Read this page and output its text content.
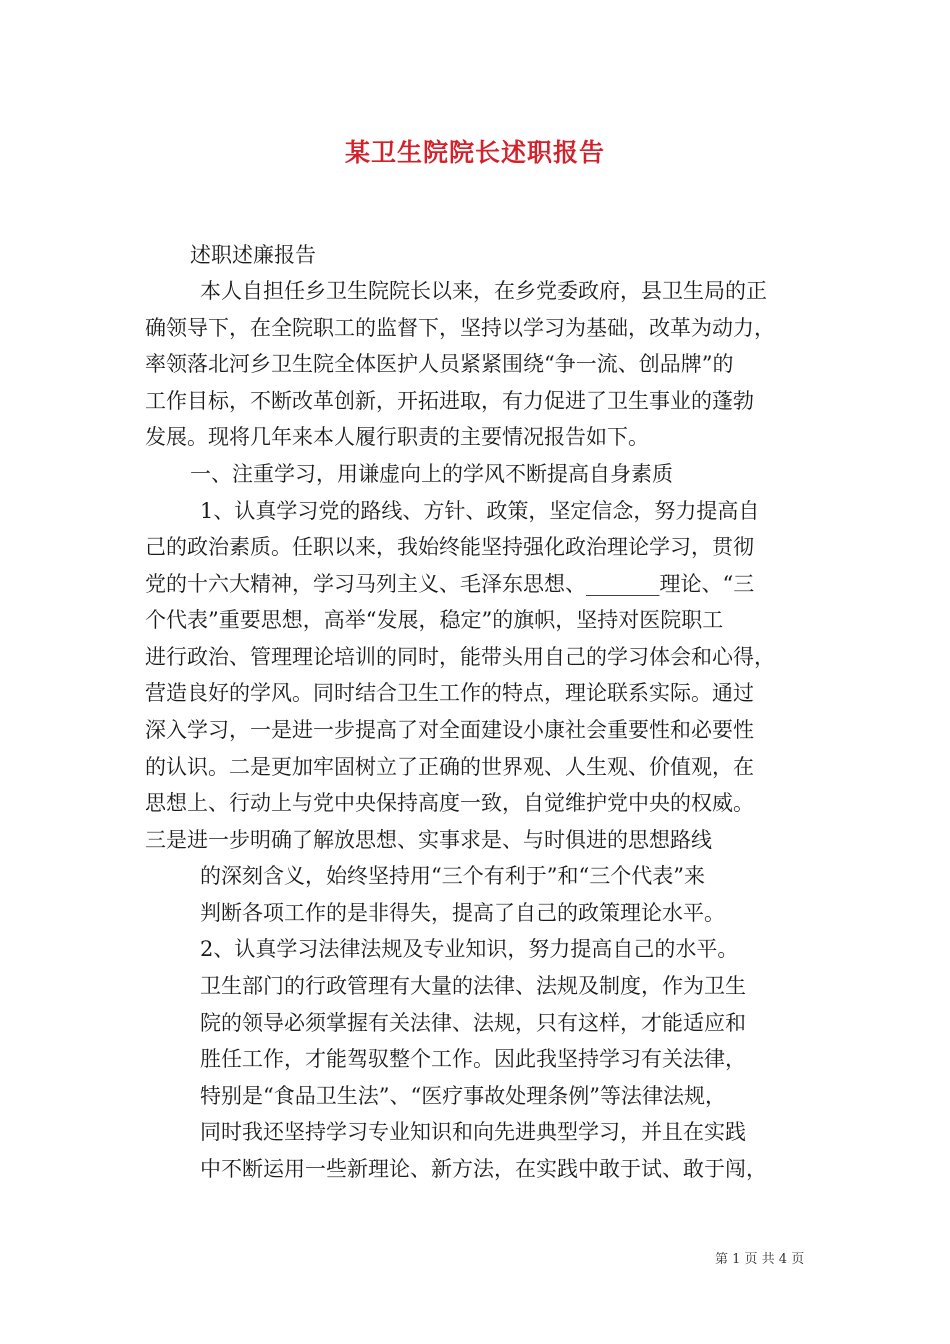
某卫生院院长述职报告

述职述廉报告

本人自担任乡卫生院院长以来，在乡党委政府，县卫生局的正

确领导下，在全院职工的监督下，坚持以学习为基础，改革为动力，

率领落北河乡卫生院全体医护人员紧紧围绕“争一流、创品牌”的

工作目标，不断改革创新，开拓进取，有力促进了卫生事业的蓬勃

发展。现将几年来本人履行职责的主要情况报告如下。

一、注重学习，用谦虚向上的学风不断提高自身素质

1、认真学习党的路线、方针、政策，坚定信念，努力提高自

己的政治素质。任职以来，我始终能坚持强化政治理论学习，贯彻

党的十六大精神，学习马列主义、毛泽东思想、_______理论、“三

个代表”重要思想，高举“发展，稳定”的旗帜，坚持对医院职工

进行政治、管理理论培训的同时，能带头用自己的学习体会和心得，

营造良好的学风。同时结合卫生工作的特点，理论联系实际。通过

深入学习，一是进一步提高了对全面建设小康社会重要性和必要性

的认识。二是更加牢固树立了正确的世界观、人生观、价值观，在

思想上、行动上与党中央保持高度一致，自觉维护党中央的权威。

三是进一步明确了解放思想、实事求是、与时俱进的思想路线

的深刻含义，始终坚持用“三个有利于”和“三个代表”来

判断各项工作的是非得失，提高了自己的政策理论水平。

2、认真学习法律法规及专业知识，努力提高自己的水平。

卫生部门的行政管理有大量的法律、法规及制度，作为卫生

院的领导必须掌握有关法律、法规，只有这样，才能适应和

胜任工作，才能驾驭整个工作。因此我坚持学习有关法律，

特别是“食品卫生法”、“医疗事故处理条例”等法律法规，

同时我还坚持学习专业知识和向先进典型学习，并且在实践

中不断运用一些新理论、新方法，在实践中敢于试、敢于闯，

第 1 页 共 4 页
